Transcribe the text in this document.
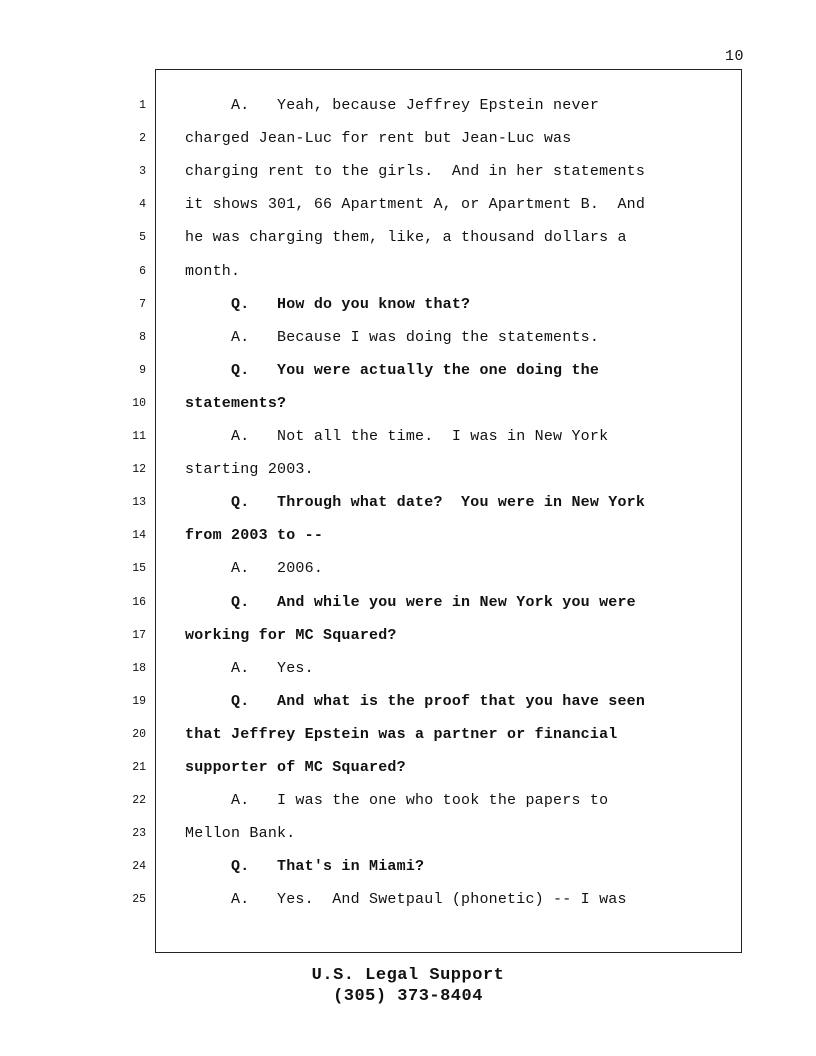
10
1	A.   Yeah, because Jeffrey Epstein never
2	charged Jean-Luc for rent but Jean-Luc was
3	charging rent to the girls.  And in her statements
4	it shows 301, 66 Apartment A, or Apartment B.  And
5	he was charging them, like, a thousand dollars a
6	month.
7	Q.   How do you know that?
8	A.   Because I was doing the statements.
9	Q.   You were actually the one doing the
10	statements?
11	A.   Not all the time.  I was in New York
12	starting 2003.
13	Q.   Through what date?  You were in New York
14	from 2003 to --
15	A.   2006.
16	Q.   And while you were in New York you were
17	working for MC Squared?
18	A.   Yes.
19	Q.   And what is the proof that you have seen
20	that Jeffrey Epstein was a partner or financial
21	supporter of MC Squared?
22	A.   I was the one who took the papers to
23	Mellon Bank.
24	Q.   That's in Miami?
25	A.   Yes.  And Swetpaul (phonetic) -- I was
U.S. Legal Support
(305) 373-8404
